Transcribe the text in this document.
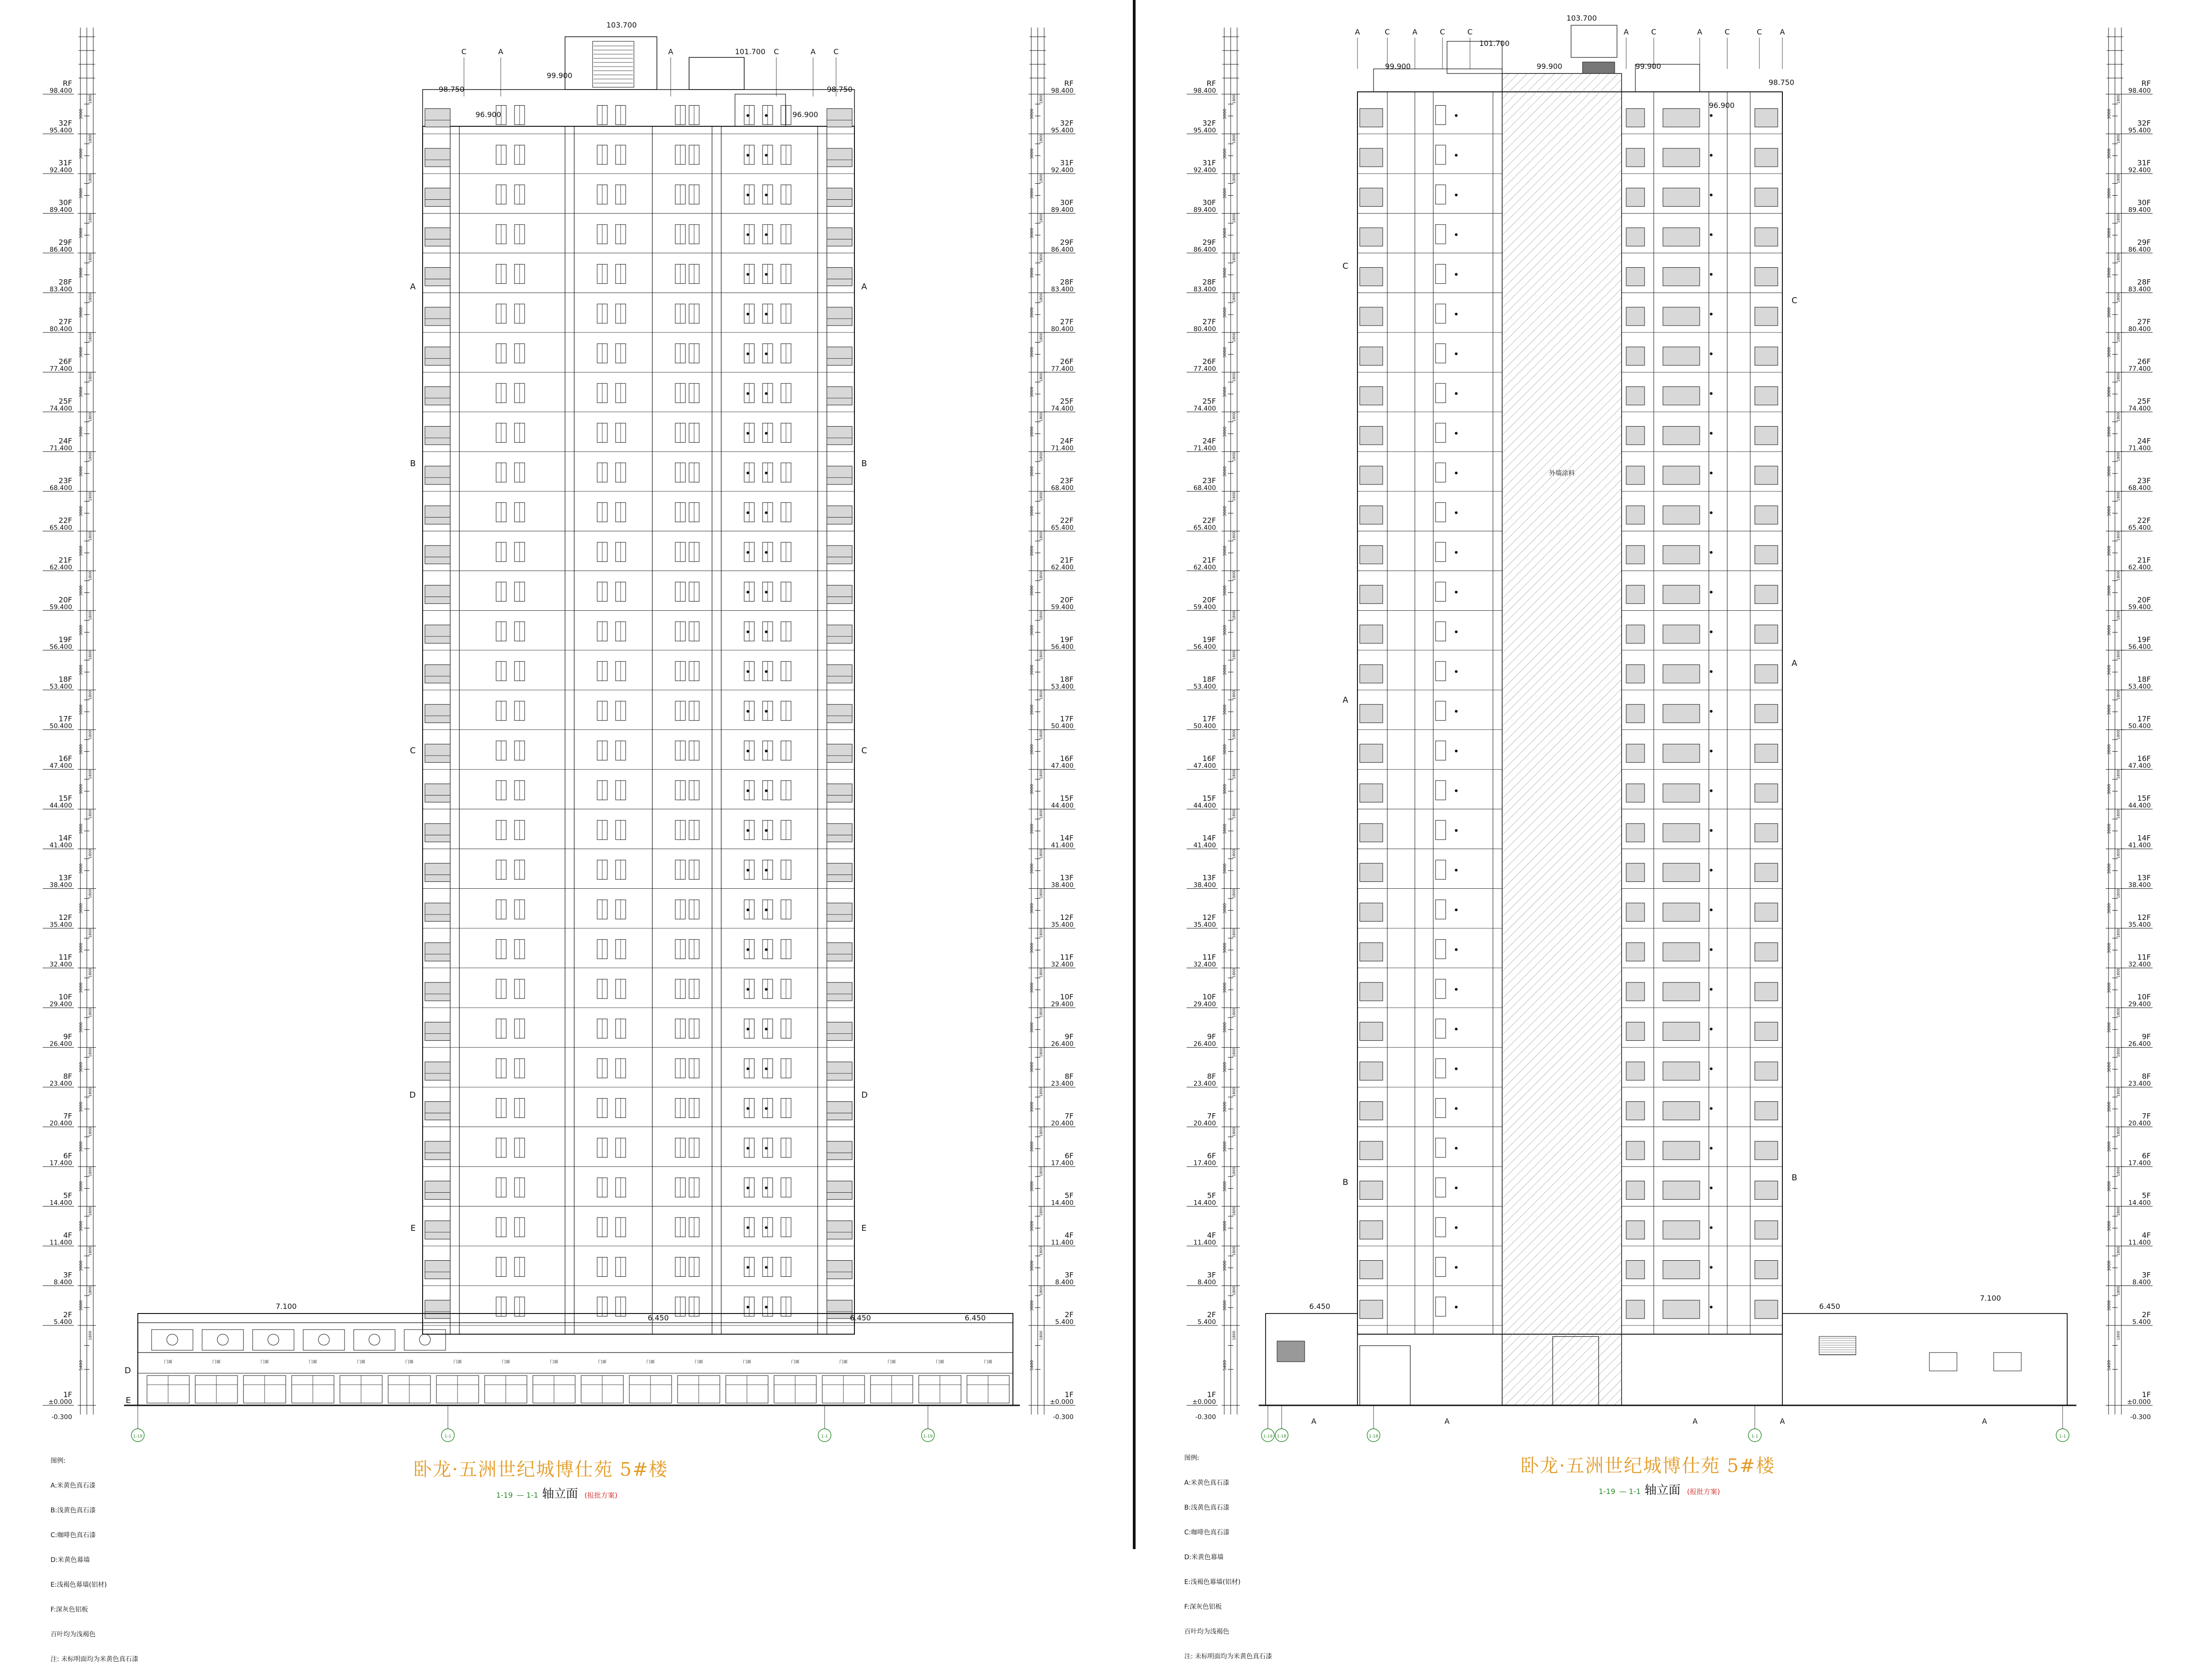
3000
1800
RF
98.400
3000
1800
32F
95.400
3000
1800
31F
92.400
3000
1800
30F
89.400
3000
1800
29F
86.400
3000
1800
28F
83.400
3000
1800
27F
80.400
3000
1800
26F
77.400
3000
1800
25F
74.400
3000
1800
24F
71.400
3000
1800
23F
68.400
3000
1800
22F
65.400
3000
1800
21F
62.400
3000
1800
20F
59.400
3000
1800
19F
56.400
3000
1800
18F
53.400
3000
1800
17F
50.400
3000
1800
16F
47.400
3000
1800
15F
44.400
3000
1800
14F
41.400
3000
1800
13F
38.400
3000
1800
12F
35.400
3000
1800
11F
32.400
3000
1800
10F
29.400
3000
1800
9F
26.400
3000
1800
8F
23.400
3000
1800
7F
20.400
3000
1800
6F
17.400
3000
1800
5F
14.400
3000
1800
4F
11.400
3000
1800
3F
8.400
5400
1800
2F
5.400
1F
±0.000
-0.300
3000
1800
RF
98.400
3000
1800
32F
95.400
3000
1800
31F
92.400
3000
1800
30F
89.400
3000
1800
29F
86.400
3000
1800
28F
83.400
3000
1800
27F
80.400
3000
1800
26F
77.400
3000
1800
25F
74.400
3000
1800
24F
71.400
3000
1800
23F
68.400
3000
1800
22F
65.400
3000
1800
21F
62.400
3000
1800
20F
59.400
3000
1800
19F
56.400
3000
1800
18F
53.400
3000
1800
17F
50.400
3000
1800
16F
47.400
3000
1800
15F
44.400
3000
1800
14F
41.400
3000
1800
13F
38.400
3000
1800
12F
35.400
3000
1800
11F
32.400
3000
1800
10F
29.400
3000
1800
9F
26.400
3000
1800
8F
23.400
3000
1800
7F
20.400
3000
1800
6F
17.400
3000
1800
5F
14.400
3000
1800
4F
11.400
3000
1800
3F
8.400
5400
1800
2F
5.400
1F
±0.000
-0.300
3000
1800
RF
98.400
3000
1800
32F
95.400
3000
1800
31F
92.400
3000
1800
30F
89.400
3000
1800
29F
86.400
3000
1800
28F
83.400
3000
1800
27F
80.400
3000
1800
26F
77.400
3000
1800
25F
74.400
3000
1800
24F
71.400
3000
1800
23F
68.400
3000
1800
22F
65.400
3000
1800
21F
62.400
3000
1800
20F
59.400
3000
1800
19F
56.400
3000
1800
18F
53.400
3000
1800
17F
50.400
3000
1800
16F
47.400
3000
1800
15F
44.400
3000
1800
14F
41.400
3000
1800
13F
38.400
3000
1800
12F
35.400
3000
1800
11F
32.400
3000
1800
10F
29.400
3000
1800
9F
26.400
3000
1800
8F
23.400
3000
1800
7F
20.400
3000
1800
6F
17.400
3000
1800
5F
14.400
3000
1800
4F
11.400
3000
1800
3F
8.400
5400
1800
2F
5.400
1F
±0.000
-0.300
3000
1800
RF
98.400
3000
1800
32F
95.400
3000
1800
31F
92.400
3000
1800
30F
89.400
3000
1800
29F
86.400
3000
1800
28F
83.400
3000
1800
27F
80.400
3000
1800
26F
77.400
3000
1800
25F
74.400
3000
1800
24F
71.400
3000
1800
23F
68.400
3000
1800
22F
65.400
3000
1800
21F
62.400
3000
1800
20F
59.400
3000
1800
19F
56.400
3000
1800
18F
53.400
3000
1800
17F
50.400
3000
1800
16F
47.400
3000
1800
15F
44.400
3000
1800
14F
41.400
3000
1800
13F
38.400
3000
1800
12F
35.400
3000
1800
11F
32.400
3000
1800
10F
29.400
3000
1800
9F
26.400
3000
1800
8F
23.400
3000
1800
7F
20.400
3000
1800
6F
17.400
3000
1800
5F
14.400
3000
1800
4F
11.400
3000
1800
3F
8.400
5400
1800
2F
5.400
1F
±0.000
-0.300
A	A
B	B
C	C
D	D
E	E
103.700
101.700
99.900
98.750	98.750
96.900	96.900
C	A	A	C	A C
门面	门面	门面	门面	门面	门面	门面	门面	门面	门面	门面	门面	门面	门面	门面	门面	门面	门面
7.100
6.450	6.450	6.450
D
E
1-19	1-1	1-1	1-19
外墙涂料
C
A
B
C
A
B
103.700
101.700
99.900	99.900	99.900
98.750
96.900
A	C	A	C	C	A	C	A	C	C A
6.450	6.450
7.100
1-19 1-18	1-18	1-1	1-1
A	A	A	A	A
卧龙·五洲世纪城博仕苑 5#楼
1-19 — 1-1 轴立面 (报批方案)

图例:

A:米黄色真石漆

B:浅黄色真石漆

C:咖啡色真石漆

D:米黄色幕墙

E:浅褐色幕墙(铝材)

F:深灰色铝板

百叶均为浅褐色

注: 未标明面均为米黄色真石漆

卧龙·五洲世纪城博仕苑 5#楼
1-19 — 1-1 轴立面 (报批方案)

图例:

A:米黄色真石漆

B:浅黄色真石漆

C:咖啡色真石漆

D:米黄色幕墙

E:浅褐色幕墙(铝材)

F:深灰色铝板

百叶均为浅褐色

注: 未标明面均为米黄色真石漆
